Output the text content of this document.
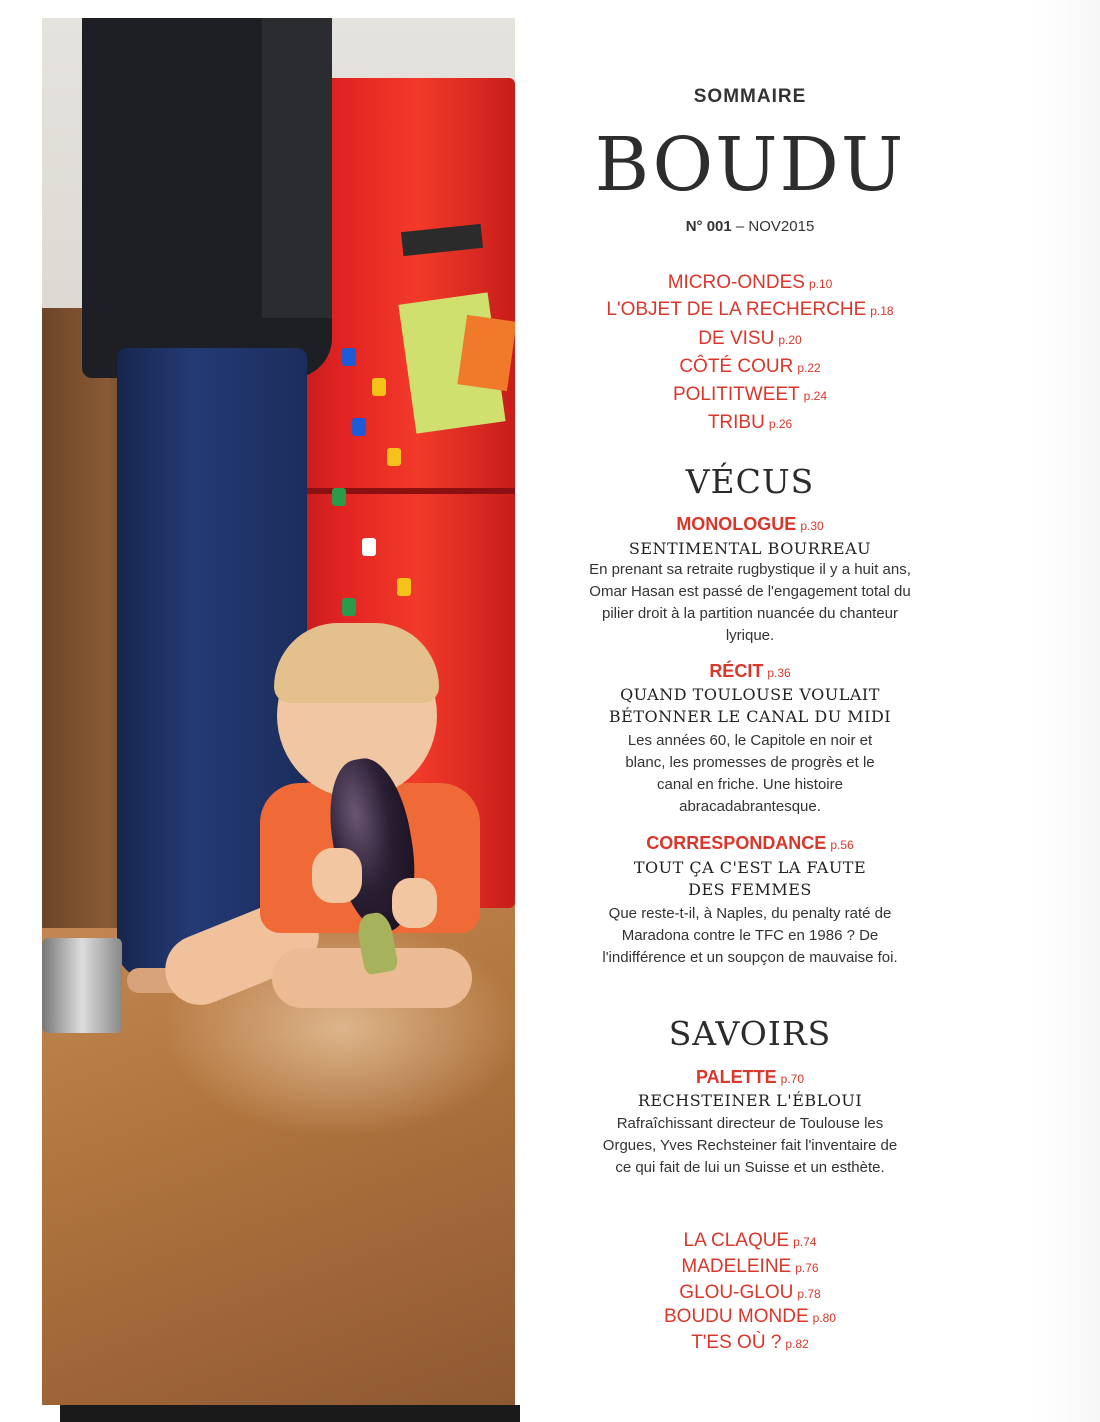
SOMMAIRE
BOUDU
N° 001 – NOV2015
MICRO-ONDES p.10
L'OBJET DE LA RECHERCHE p.18
DE VISU p.20
CÔTÉ COUR p.22
POLITITWEET p.24
TRIBU p.26
VÉCUS
MONOLOGUE p.30
SENTIMENTAL BOURREAU
En prenant sa retraite rugbystique il y a huit ans, Omar Hasan est passé de l'engagement total du pilier droit à la partition nuancée du chanteur lyrique.
RÉCIT p.36
QUAND TOULOUSE VOULAIT BÉTONNER LE CANAL DU MIDI
Les années 60, le Capitole en noir et blanc, les promesses de progrès et le canal en friche. Une histoire abracadabrantesque.
CORRESPONDANCE p.56
TOUT ÇA C'EST LA FAUTE DES FEMMES
Que reste-t-il, à Naples, du penalty raté de Maradona contre le TFC en 1986 ? De l'indifférence et un soupçon de mauvaise foi.
SAVOIRS
PALETTE p.70
RECHSTEINER L'ÉBLOUI
Rafraîchissant directeur de Toulouse les Orgues, Yves Rechsteiner fait l'inventaire de ce qui fait de lui un Suisse et un esthète.
LA CLAQUE p.74
MADELEINE p.76
GLOU-GLOU p.78
BOUDU MONDE p.80
T'ES OÙ ? p.82
